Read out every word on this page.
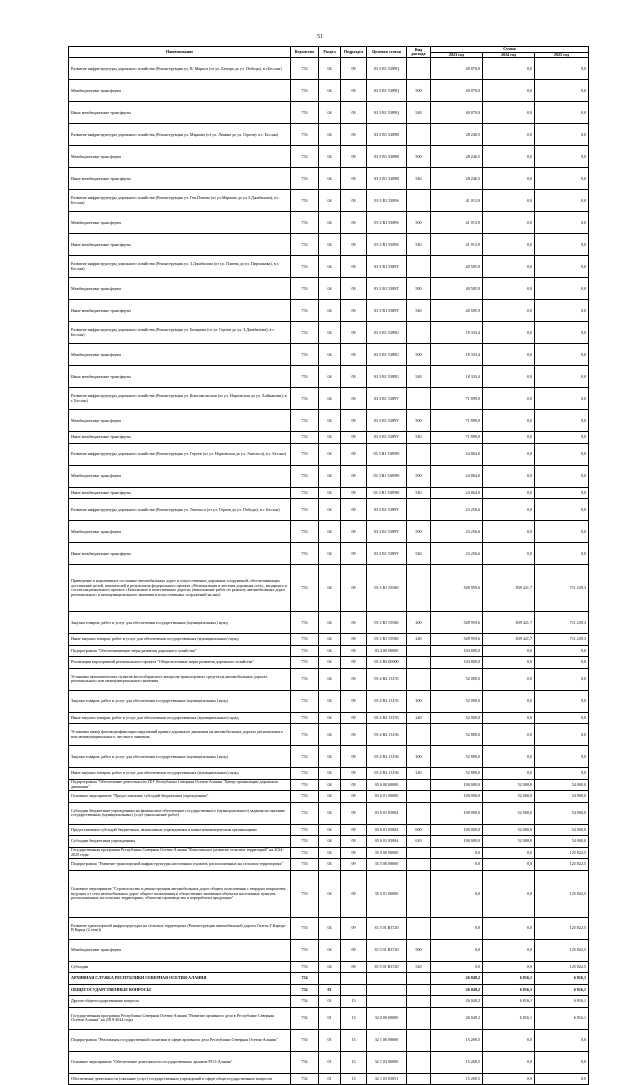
51
Наименование	Ведомство	Раздел	Подраздел	Целевая статья	Вид расхода	Сумма		
						2023 год	2024 год	2025 год
Развитие инфраструктуры дорожного хозяйства (Реконструкция ул. Я. Мариса (от ул. Батыра до ул. Победы), в г.Беслан)	753	04	09	03 3 R1 5389Q		40 870,0	0,0	0,0
Межбюджетные трансферты	753	04	09	03 3 R1 5389Q	500	40 870,0	0,0	0,0
Иные межбюджетные трансферты	753	04	09	03 3 R1 5389Q	540	40 870,0	0,0	0,0
Развитие инфраструктуры дорожного хозяйства (Реконструкция ул. Маркова (от ул. Ленина до ул. Героев), в г. Беслан)	753	04	09	03 3 R1 5389R		28 246,5	0,0	0,0
Межбюджетные трансферты	753	04	09	03 3 R1 5389R	500	28 246,5	0,0	0,0
Иные межбюджетные трансферты	753	04	09	03 3 R1 5389R	540	28 246,5	0,0	0,0
Развитие инфраструктуры дорожного хозяйства (Реконструкция ул. Ген.Плиева (от ул.Маркова до ул.З.Джибилова), в г. Беслан)	753	04	09	03 3 R1 5389S		41 013,9	0,0	0,0
Межбюджетные трансферты	753	04	09	03 3 R1 5389S	500	41 013,9	0,0	0,0
Иные межбюджетные трансферты	753	04	09	03 3 R1 5389S	540	41 013,9	0,0	0,0
Развитие инфраструктуры дорожного хозяйства (Реконструкция ул. З.Джибилова (от ул. Плиева до ул. Пирожкова), в г. Беслан)	753	04	09	03 3 R1 5389T		40 505,9	0,0	0,0
Межбюджетные трансферты	753	04	09	03 3 R1 5389T	500	40 505,9	0,0	0,0
Иные межбюджетные трансферты	753	04	09	03 3 R1 5389T	540	40 505,9	0,0	0,0
Развитие инфраструктуры дорожного хозяйства (Реконструкция ул. Бичерова (от ул. Героев до ул. З.Джибилова), в г. Беслан)	753	04	09	03 3 R1 5389U		18 333,4	0,0	0,0
Межбюджетные трансферты	753	04	09	03 3 R1 5389U	500	18 333,4	0,0	0,0
Иные межбюджетные трансферты	753	04	09	03 3 R1 5389U	540	18 333,4	0,0	0,0
Развитие инфраструктуры дорожного хозяйства (Реконструкция ул. Комсомольская (от ул. Нартовская до ул. Хайманова), в г. Беслан)	753	04	09	03 3 R1 5389V		71 899,0	0,0	0,0
Межбюджетные трансферты	753	04	09	03 3 R1 5389V	500	71 899,0	0,0	0,0
Иные межбюджетные трансферты	753	04	09	03 3 R1 5389V	540	71 899,0	0,0	0,0
Развитие инфраструктуры дорожного хозяйства (Реконструкция ул. Героев (от ул. Нартовская до ул. Энгельса), в г. Беслан)	753	04	09	03 3 R1 5389W		24 864,0	0,0	0,0
Межбюджетные трансферты	753	04	09	03 3 R1 5389W	500	24 864,0	0,0	0,0
Иные межбюджетные трансферты	753	04	09	03 3 R1 5389W	540	24 864,0	0,0	0,0
Развитие инфраструктуры дорожного хозяйства (Реконструкция ул. Энгельса (от ул. Героев до ул. Победы), в г. Беслан)	753	04	09	03 3 R1 5389Y		23 256,6	0,0	0,0
Межбюджетные трансферты	753	04	09	03 3 R1 5389Y	500	23 256,6	0,0	0,0
Иные межбюджетные трансферты	753	04	09	03 3 R1 5389Y	540	23 256,6	0,0	0,0
Приведение в нормативное состояние автомобильных дорог и искусственных дорожных сооружений, обеспечивающих достижение целей, показателей и результатов федерального проекта «Региональная и местная дорожная сеть», входящего в состав национального проекта «Безопасные и качественные дороги» (выполнение работ по ремонту автомобильных дорог регионального и межмуниципального значения и искусственных сооружений на них)	753	04	09	03 3 R1 55940		549 959,6	839 421,7	711 239,3
Закупка товаров, работ и услуг для обеспечения государственных (муниципальных) нужд	753	04	09	03 3 R1 55940	200	549 959,6	839 421,7	711 239,3
Иные закупки товаров, работ и услуг для обеспечения государственных (муниципальных) нужд	753	04	09	03 3 R1 55940	240	549 959,6	839 421,7	711 239,3
Подпрограмма "Обеспечивающие меры развития дорожного хозяйства"	753	04	09	03 4 00 00000		104 800,0	0,0	0,0
Реализация мероприятий регионального проекта "Общесистемные меры развития дорожного хозяйства"	753	04	09	03 4 R2 00000		104 800,0	0,0	0,0
Установка автоматических пунктов весогабаритного контроля транспортных средств на автомобильных дорогах регионального или межмуниципального значения	753	04	09	03 4 R2 13155		52 000,0	0,0	0,0
Закупка товаров, работ и услуг для обеспечения государственных (муниципальных) нужд	753	04	09	03 4 R2 13155	200	52 000,0	0,0	0,0
Иные закупки товаров, работ и услуг для обеспечения государственных (муниципальных) нужд	753	04	09	03 4 R2 13155	240	52 000,0	0,0	0,0
Установка камер фотовидеофиксации нарушений правил дорожного движения на автомобильных дорогах регионального или межмуниципального, местного значения	753	04	09	03 4 R2 13156		52 800,0	0,0	0,0
Закупка товаров, работ и услуг для обеспечения государственных (муниципальных) нужд	753	04	09	03 4 R2 13156	200	52 800,0	0,0	0,0
Иные закупки товаров, работ и услуг для обеспечения государственных (муниципальных) нужд	753	04	09	03 4 R2 13156	240	52 800,0	0,0	0,0
Подпрограмма "Обеспечение деятельности ГБУ Республики Северная Осетия-Алания "Центр организации дорожного движения"	753	04	09	03 6 00 00000		100 000,0	52 000,0	54 000,0
Основное мероприятие "Предоставление субсидий бюджетным учреждениям"	753	04	09	03 6 01 00000		100 000,0	52 000,0	54 000,0
Субсидии бюджетным учреждениям на финансовое обеспечение государственного (муниципального) задания на оказание государственных (муниципальных) услуг (выполнение работ)	753	04	09	03 6 01 05004		100 000,0	52 000,0	54 000,0
Предоставление субсидий бюджетным, автономным учреждениям и иным некоммерческим организациям	753	04	09	03 6 01 05004	600	100 000,0	52 000,0	54 000,0
Субсидии бюджетным учреждениям	753	04	09	03 6 01 05004	610	100 000,0	52 000,0	54 000,0
Государственная программа Республики Северная Осетия-Алания "Комплексное развитие сельских территорий" на 2024-2025 годы	753	04	09	35 0 00 00000		0,0	0,0	125 822,5
Подпрограмма "Развитие транспортной инфраструктуры населенных пунктов, расположенных на сельских территориях"	753	04	09	35 5 00 00000		0,0	0,0	125 822,5
Основное мероприятие "Строительство и реконструкция автомобильных дорог общего пользования с твердым покрытием, ведущих от сети автомобильных дорог общего пользования к общественно значимым объектам населенных пунктов, расположенных на сельских территориях, объектам производства и переработки продукции"	753	04	09	35 5 01 00000		0,0	0,0	125 822,5
Развитие транспортной инфраструктуры на сельских территориях (Реконструкция автомобильной дороги Гизель-Г.Каредь-В Карца (2 этап))	753	04	09	35 5 01 R3720		0,0	0,0	125 822,5
Межбюджетные трансферты	753	04	09	35 5 01 R3720	500	0,0	0,0	125 822,5
Субсидии	753	04	09	35 5 01 R3720	520	0,0	0,0	125 822,5
АРХИВНАЯ СЛУЖБА РЕСПУБЛИКИ СЕВЕРНАЯ ОСЕТИЯ-АЛАНИЯ	754					26 849,2	6 816,1	6 816,1
ОБЩЕГОСУДАРСТВЕННЫЕ ВОПРОСЫ	754	01				26 049,2	6 816,1	6 816,1
Другие общегосударственные вопросы	754	01	13			26 049,2	6 816,1	6 816,1
Государственная программа Республики Северная Осетия-Алания "Развитие архивного дела в Республике Северная Осетия-Алания" на 2019-2024 годы	754	01	13	32 0 00 00000		26 049,2	6 816,1	6 816,1
Подпрограмма "Реализация государственной политики в сфере архивного дела Республики Северная Осетия-Алания"	754	01	13	32 1 00 00000		15 269,5	0,0	0,0
Основное мероприятие "Обеспечение деятельности государственных архивов РСО-Алания"	754	01	13	32 1 03 00000		15 269,5	0,0	0,0
Обеспечение деятельности (оказание услуг) государственных учреждений в сфере общегосударственных вопросов	754	01	13	32 1 03 05051		15 269,5	0,0	0,0
